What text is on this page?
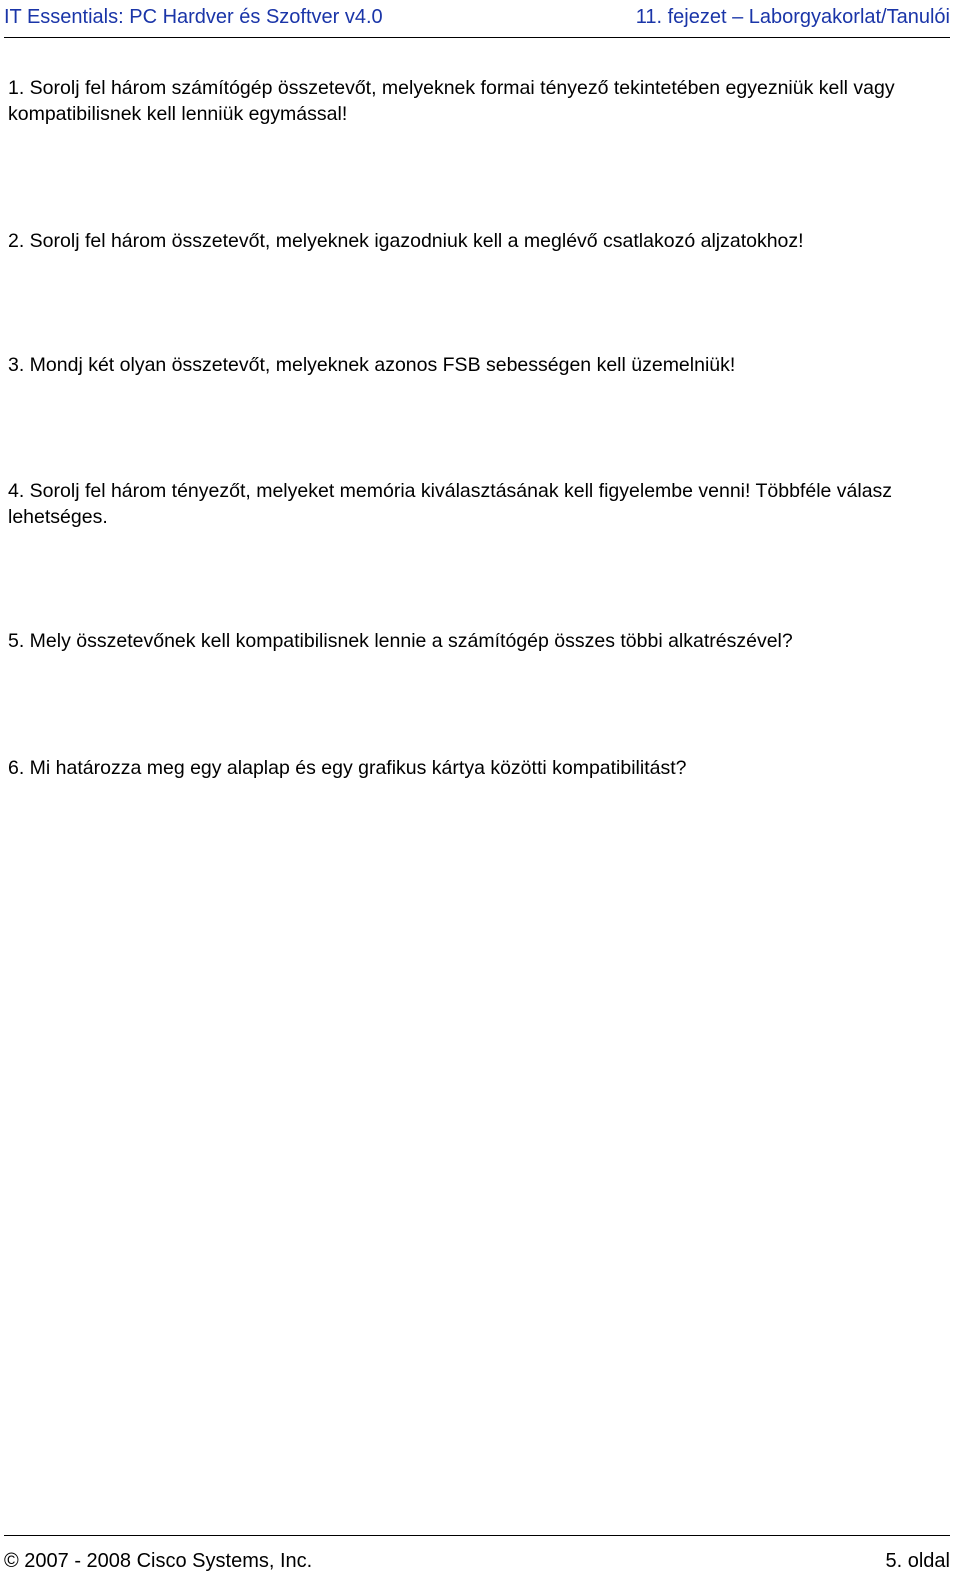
IT Essentials: PC Hardver és Szoftver v4.0	11. fejezet – Laborgyakorlat/Tanulói
1. Sorolj fel három számítógép összetevőt, melyeknek formai tényező tekintetében egyezniük kell vagy kompatibilisnek kell lenniük egymással!
2. Sorolj fel három összetevőt, melyeknek igazodniuk kell a meglévő csatlakozó aljzatokhoz!
3. Mondj két olyan összetevőt, melyeknek azonos FSB sebességen kell üzemelniük!
4. Sorolj fel három tényezőt, melyeket memória kiválasztásának kell figyelembe venni! Többféle válasz lehetséges.
5. Mely összetevőnek kell kompatibilisnek lennie a számítógép összes többi alkatrészével?
6. Mi határozza meg egy alaplap és egy grafikus kártya közötti kompatibilitást?
© 2007 - 2008 Cisco Systems, Inc.	5. oldal
